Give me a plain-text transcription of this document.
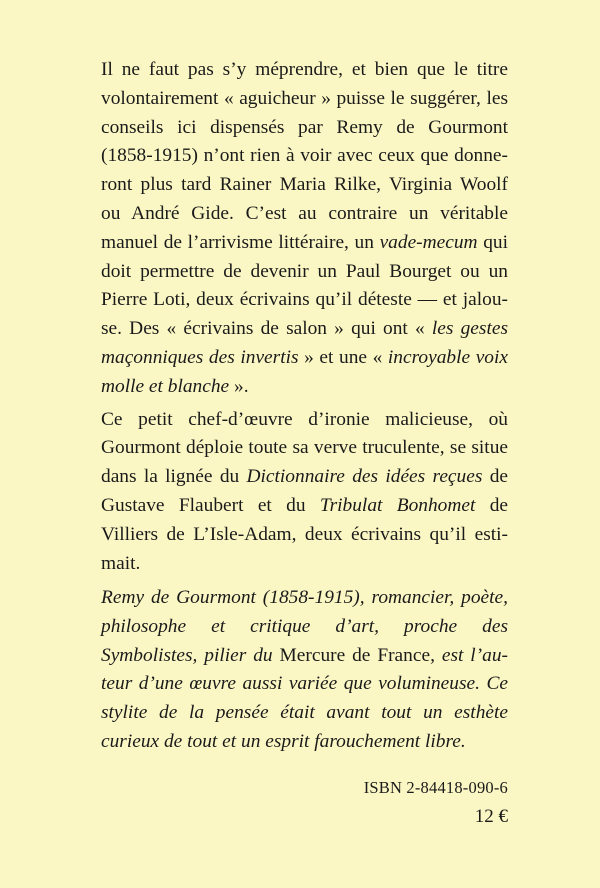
Il ne faut pas s’y méprendre, et bien que le titre volontairement « aguicheur » puisse le suggérer, les conseils ici dispensés par Remy de Gourmont (1858-1915) n’ont rien à voir avec ceux que donneront plus tard Rainer Maria Rilke, Virginia Woolf ou André Gide. C’est au contraire un véritable manuel de l’arrivisme littéraire, un vade-mecum qui doit permettre de devenir un Paul Bourget ou un Pierre Loti, deux écrivains qu’il déteste — et jalouse. Des « écrivains de salon » qui ont « les gestes maçonniques des invertis » et une « incroyable voix molle et blanche ».

Ce petit chef-d’œuvre d’ironie malicieuse, où Gourmont déploie toute sa verve truculente, se situe dans la lignée du Dictionnaire des idées reçues de Gustave Flaubert et du Tribulat Bonhomet de Villiers de L’Isle-Adam, deux écrivains qu’il estimait.

Remy de Gourmont (1858-1915), romancier, poète, philosophe et critique d’art, proche des Symbolistes, pilier du Mercure de France, est l’auteur d’une œuvre aussi variée que volumineuse. Ce stylite de la pensée était avant tout un esthète curieux de tout et un esprit farouchement libre.
ISBN 2-84418-090-6
12 €
